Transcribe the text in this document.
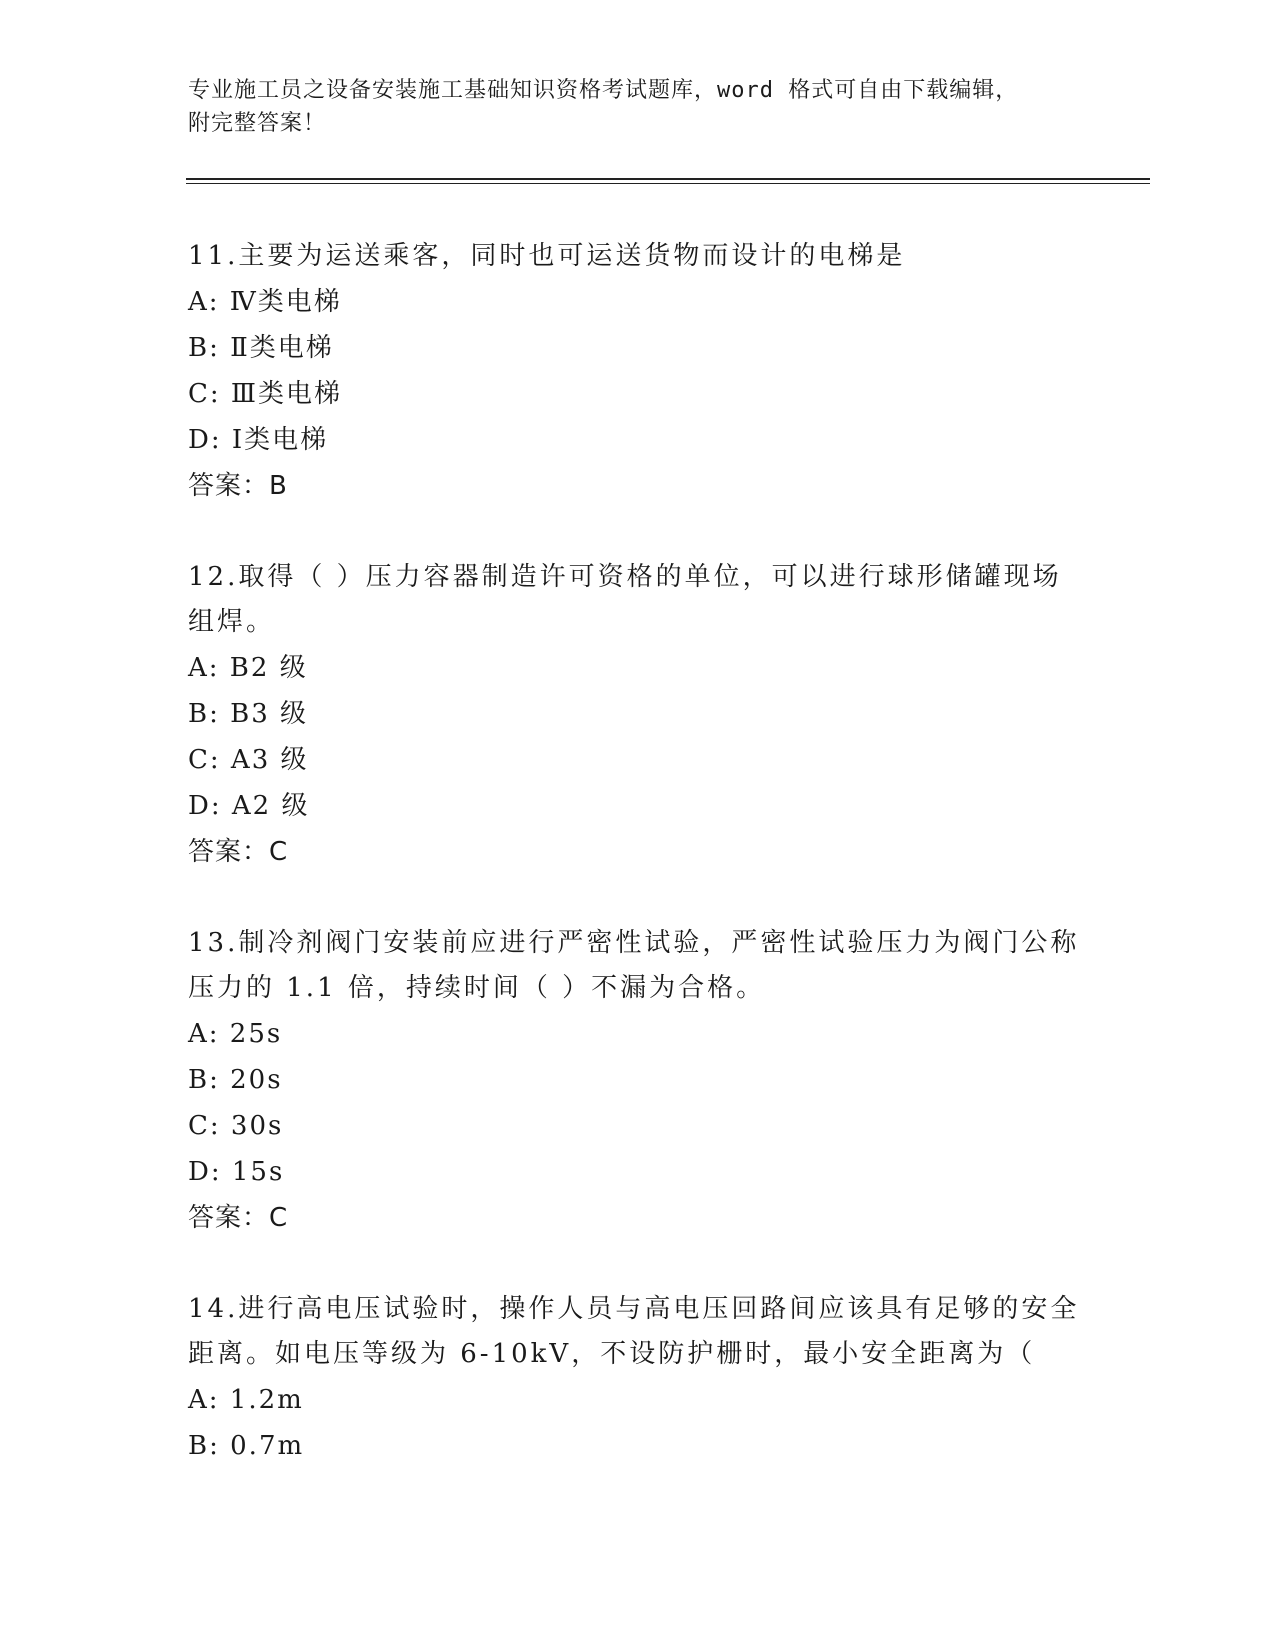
专业施工员之设备安装施工基础知识资格考试题库，word 格式可自由下载编辑，
附完整答案！
11.主要为运送乘客，同时也可运送货物而设计的电梯是
A: Ⅳ类电梯
B: Ⅱ类电梯
C: Ⅲ类电梯
D: Ⅰ类电梯
答案：B
12.取得（ ）压力容器制造许可资格的单位，可以进行球形储罐现场
组焊。
A: B2 级
B: B3 级
C: A3 级
D: A2 级
答案：C
13.制冷剂阀门安装前应进行严密性试验，严密性试验压力为阀门公称
压力的 1.1 倍，持续时间（ ）不漏为合格。
A: 25s
B: 20s
C: 30s
D: 15s
答案：C
14.进行高电压试验时，操作人员与高电压回路间应该具有足够的安全
距离。如电压等级为 6-10kV，不设防护栅时，最小安全距离为（
A: 1.2m
B: 0.7m
